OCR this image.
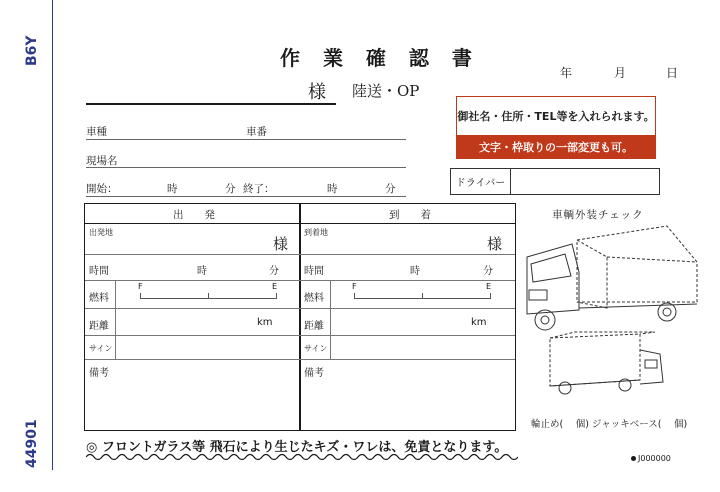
B6Y
44901
作 業 確 認 書
年	月	日
様 陸送・OP
車種	車番
現場名
開始：	時	分 終了：	時	分
御社名・住所・TEL等を入れられます。
文字・枠取りの一部変更も可。
ドライバー
出　　発
出発地
様
時間	時	分
燃料
F	E
距離	km
サイン
備考
到　　着
到着地
様
時間	時	分
燃料
F	E
距離	km
サイン
備考
車輌外装チェック
輪止め(　 個) ジャッキベース(　 個)
◎ フロントガラス等 飛石により生じたキズ・ワレは、免責となります。
J000000
